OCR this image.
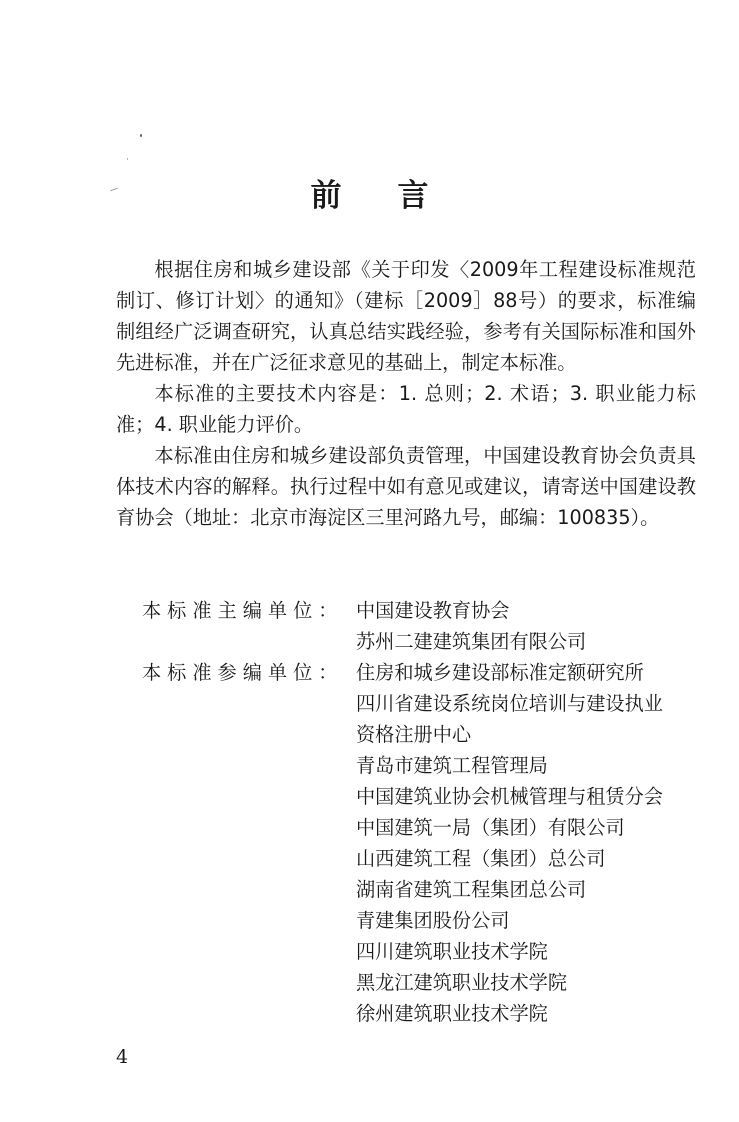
前言

根据住房和城乡建设部《关于印发〈2009年工程建设标准规范制订、修订计划〉的通知》（建标［2009］88号）的要求，标准编制组经广泛调查研究，认真总结实践经验，参考有关国际标准和国外先进标准，并在广泛征求意见的基础上，制定本标准。

本标准的主要技术内容是：1. 总则；2. 术语；3. 职业能力标准；4. 职业能力评价。

本标准由住房和城乡建设部负责管理，中国建设教育协会负责具体技术内容的解释。执行过程中如有意见或建议，请寄送中国建设教育协会（地址：北京市海淀区三里河路九号，邮编：100835）。

本标准主编单位： 中国建设教育协会
苏州二建建筑集团有限公司
本标准参编单位： 住房和城乡建设部标准定额研究所
四川省建设系统岗位培训与建设执业
资格注册中心
青岛市建筑工程管理局
中国建筑业协会机械管理与租赁分会
中国建筑一局（集团）有限公司
山西建筑工程（集团）总公司
湖南省建筑工程集团总公司
青建集团股份公司
四川建筑职业技术学院
黑龙江建筑职业技术学院
徐州建筑职业技术学院
4
